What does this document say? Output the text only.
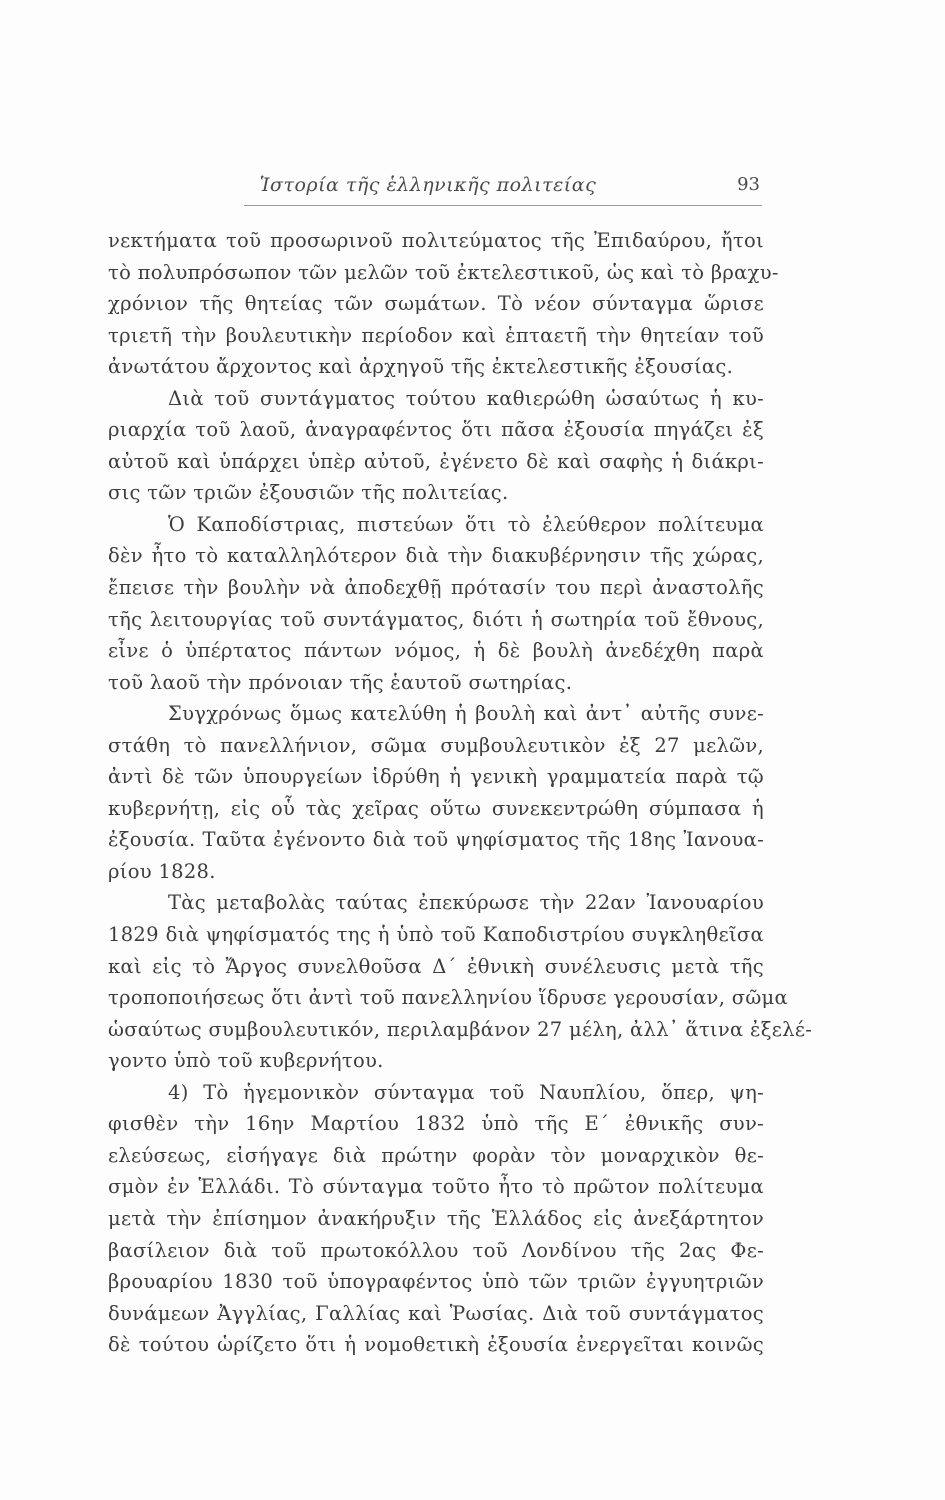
Ἱστορία τῆς ἑλληνικῆς πολιτείας	93
νεκτήματα τοῦ προσωρινοῦ πολιτεύματος τῆς Ἐπιδαύρου, ἤτοι
τὸ πολυπρόσωπον τῶν μελῶν τοῦ ἐκτελεστικοῦ, ὡς καὶ τὸ βραχυ-
χρόνιον τῆς θητείας τῶν σωμάτων. Τὸ νέον σύνταγμα ὥρισε
τριετῆ τὴν βουλευτικὴν περίοδον καὶ ἑπταετῆ τὴν θητείαν τοῦ
ἀνωτάτου ἄρχοντος καὶ ἀρχηγοῦ τῆς ἐκτελεστικῆς ἐξουσίας.
Διὰ τοῦ συντάγματος τούτου καθιερώθη ὡσαύτως ἡ κυ-
ριαρχία τοῦ λαοῦ, ἀναγραφέντος ὅτι πᾶσα ἐξουσία πηγάζει ἐξ
αὐτοῦ καὶ ὑπάρχει ὑπὲρ αὐτοῦ, ἐγένετο δὲ καὶ σαφὴς ἡ διάκρι-
σις τῶν τριῶν ἐξουσιῶν τῆς πολιτείας.
Ὁ Καποδίστριας, πιστεύων ὅτι τὸ ἐλεύθερον πολίτευμα
δὲν ἦτο τὸ καταλληλότερον διὰ τὴν διακυβέρνησιν τῆς χώρας,
ἔπεισε τὴν βουλὴν νὰ ἀποδεχθῇ πρότασίν του περὶ ἀναστολῆς
τῆς λειτουργίας τοῦ συντάγματος, διότι ἡ σωτηρία τοῦ ἔθνους,
εἶνε ὁ ὑπέρτατος πάντων νόμος, ἡ δὲ βουλὴ ἀνεδέχθη παρὰ
τοῦ λαοῦ τὴν πρόνοιαν τῆς ἑαυτοῦ σωτηρίας.
Συγχρόνως ὅμως κατελύθη ἡ βουλὴ καὶ ἀντ᾽ αὐτῆς συνε-
στάθη τὸ πανελλήνιον, σῶμα συμβουλευτικὸν ἐξ 27 μελῶν,
ἀντὶ δὲ τῶν ὑπουργείων ἱδρύθη ἡ γενικὴ γραμματεία παρὰ τῷ
κυβερνήτῃ, εἰς οὗ τὰς χεῖρας οὕτω συνεκεντρώθη σύμπασα ἡ
ἐξουσία. Ταῦτα ἐγένοντο διὰ τοῦ ψηφίσματος τῆς 18ης Ἰανουα-
ρίου 1828.
Τὰς μεταβολὰς ταύτας ἐπεκύρωσε τὴν 22αν Ἰανουαρίου
1829 διὰ ψηφίσματός της ἡ ὑπὸ τοῦ Καποδιστρίου συγκληθεῖσα
καὶ εἰς τὸ Ἄργος συνελθοῦσα Δ΄ ἐθνικὴ συνέλευσις μετὰ τῆς
τροποποιήσεως ὅτι ἀντὶ τοῦ πανελληνίου ἵδρυσε γερουσίαν, σῶμα
ὡσαύτως συμβουλευτικόν, περιλαμβάνον 27 μέλη, ἀλλ᾽ ἅτινα ἐξελέ-
γοντο ὑπὸ τοῦ κυβερνήτου.
4) Τὸ ἡγεμονικὸν σύνταγμα τοῦ Ναυπλίου, ὅπερ, ψη-
φισθὲν τὴν 16ην Μαρτίου 1832 ὑπὸ τῆς Ε΄ ἐθνικῆς συν-
ελεύσεως, εἰσήγαγε διὰ πρώτην φορὰν τὸν μοναρχικὸν θε-
σμὸν ἐν Ἑλλάδι. Τὸ σύνταγμα τοῦτο ἦτο τὸ πρῶτον πολίτευμα
μετὰ τὴν ἐπίσημον ἀνακήρυξιν τῆς Ἑλλάδος εἰς ἀνεξάρτητον
βασίλειον διὰ τοῦ πρωτοκόλλου τοῦ Λονδίνου τῆς 2ας Φε-
βρουαρίου 1830 τοῦ ὑπογραφέντος ὑπὸ τῶν τριῶν ἐγγυητριῶν
δυνάμεων Ἀγγλίας, Γαλλίας καὶ Ῥωσίας. Διὰ τοῦ συντάγματος
δὲ τούτου ὡρίζετο ὅτι ἡ νομοθετικὴ ἐξουσία ἐνεργεῖται κοινῶς
